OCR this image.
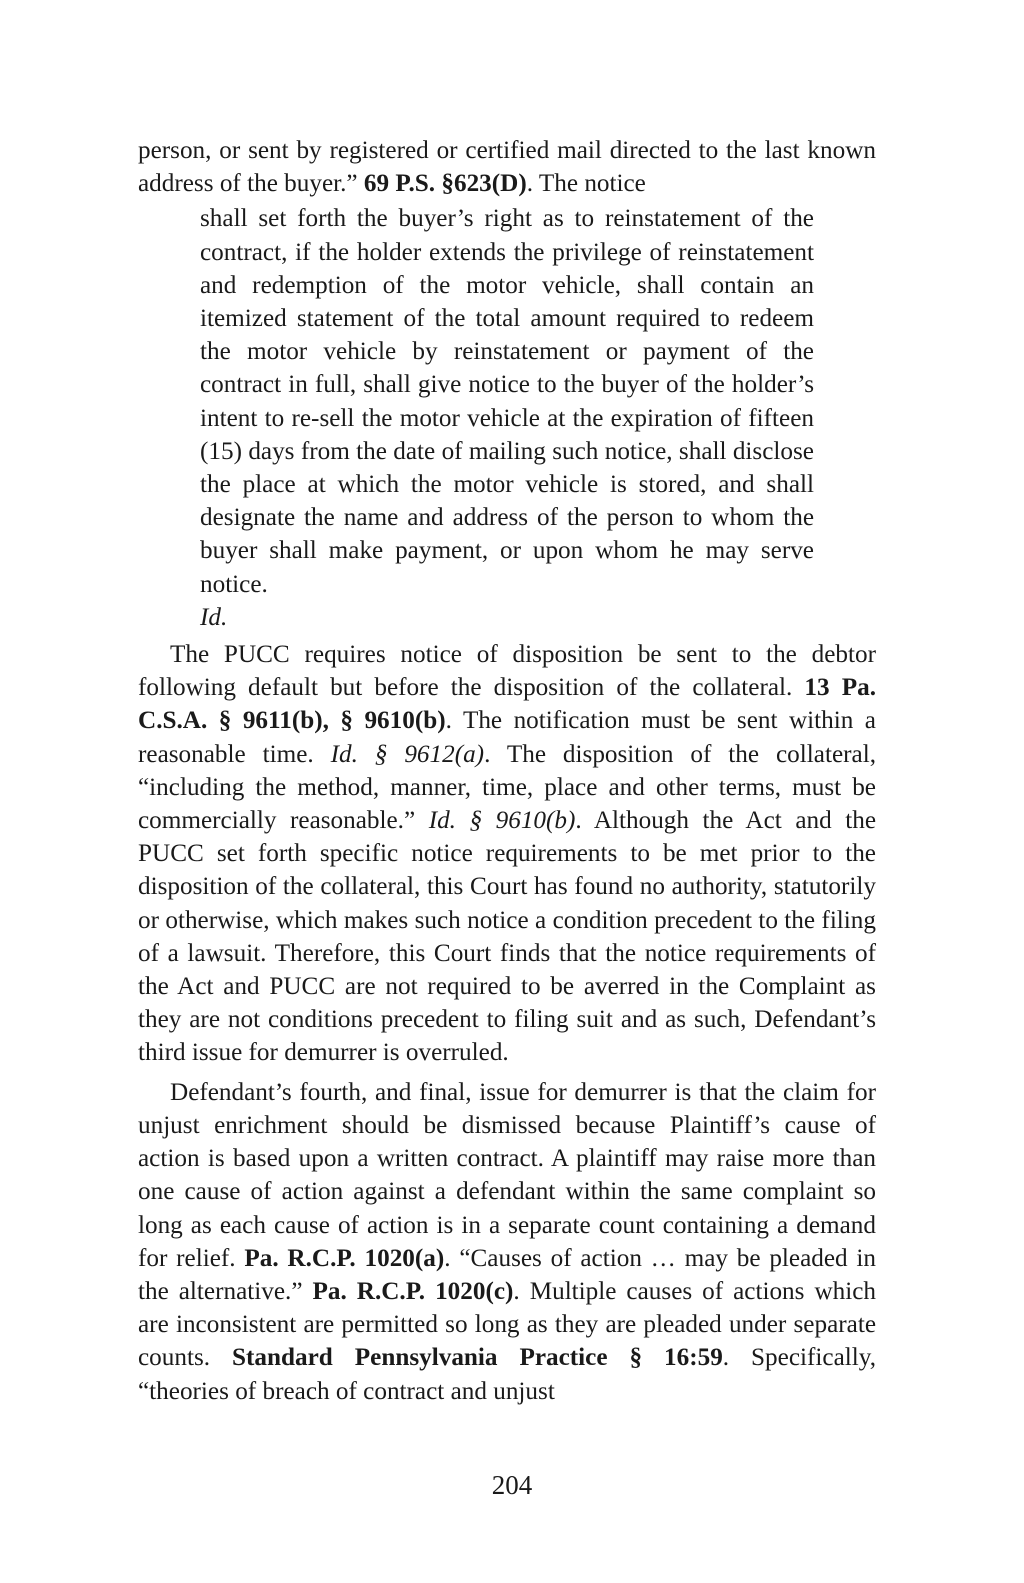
person, or sent by registered or certified mail directed to the last known address of the buyer.” 69 P.S. §623(D). The notice

shall set forth the buyer’s right as to reinstatement of the contract, if the holder extends the privilege of reinstatement and redemption of the motor vehicle, shall contain an itemized statement of the total amount required to redeem the motor vehicle by reinstatement or payment of the contract in full, shall give notice to the buyer of the holder’s intent to re-sell the motor vehicle at the expiration of fifteen (15) days from the date of mailing such notice, shall disclose the place at which the motor vehicle is stored, and shall designate the name and address of the person to whom the buyer shall make payment, or upon whom he may serve notice.
Id.

The PUCC requires notice of disposition be sent to the debtor following default but before the disposition of the collateral. 13 Pa. C.S.A. § 9611(b), § 9610(b). The notification must be sent within a reasonable time. Id. § 9612(a). The disposition of the collateral, “including the method, manner, time, place and other terms, must be commercially reasonable.” Id. § 9610(b). Although the Act and the PUCC set forth specific notice requirements to be met prior to the disposition of the collateral, this Court has found no authority, statutorily or otherwise, which makes such notice a condition precedent to the filing of a lawsuit. Therefore, this Court finds that the notice requirements of the Act and PUCC are not required to be averred in the Complaint as they are not conditions precedent to filing suit and as such, Defendant’s third issue for demurrer is overruled.

Defendant’s fourth, and final, issue for demurrer is that the claim for unjust enrichment should be dismissed because Plaintiff’s cause of action is based upon a written contract. A plaintiff may raise more than one cause of action against a defendant within the same complaint so long as each cause of action is in a separate count containing a demand for relief. Pa. R.C.P. 1020(a). “Causes of action … may be pleaded in the alternative.” Pa. R.C.P. 1020(c). Multiple causes of actions which are inconsistent are permitted so long as they are pleaded under separate counts. Standard Pennsylvania Practice § 16:59. Specifically, “theories of breach of contract and unjust

204
